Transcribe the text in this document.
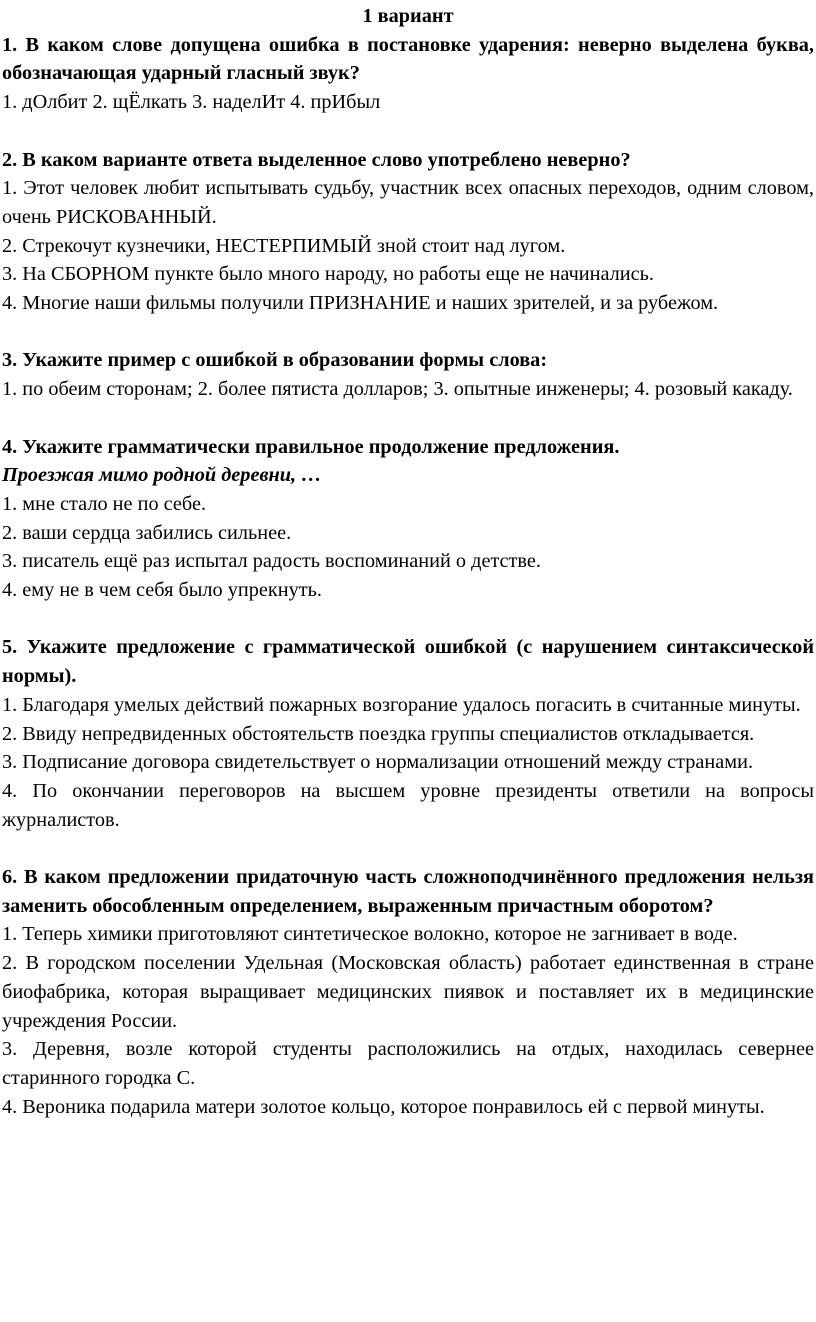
1 вариант
1. В каком слове допущена ошибка в постановке ударения: неверно выделена буква, обозначающая ударный гласный звук?
1. дОлбит 2. щЁлкать 3. наделИт 4. прИбыл
2. В каком варианте ответа выделенное слово употреблено неверно?
1. Этот человек любит испытывать судьбу, участник всех опасных переходов, одним словом, очень РИСКОВАННЫЙ.
2. Стрекочут кузнечики, НЕСТЕРПИМЫЙ зной стоит над лугом.
3. На СБОРНОМ пункте было много народу, но работы еще не начинались.
4. Многие наши фильмы получили ПРИЗНАНИЕ и наших зрителей, и за рубежом.
3. Укажите пример с ошибкой в образовании формы слова:
1. по обеим сторонам; 2. более пятиста долларов; 3. опытные инженеры; 4. розовый какаду.
4. Укажите грамматически правильное продолжение предложения.
Проезжая мимо родной деревни, …
1. мне стало не по себе.
2. ваши сердца забились сильнее.
3. писатель ещё раз испытал радость воспоминаний о детстве.
4. ему не в чем себя было упрекнуть.
5. Укажите предложение с грамматической ошибкой (с нарушением синтаксической нормы).
1. Благодаря умелых действий пожарных возгорание удалось погасить в считанные минуты.
2. Ввиду непредвиденных обстоятельств поездка группы специалистов откладывается.
3. Подписание договора свидетельствует о нормализации отношений между странами.
4. По окончании переговоров на высшем уровне президенты ответили на вопросы журналистов.
6. В каком предложении придаточную часть сложноподчинённого предложения нельзя заменить обособленным определением, выраженным причастным оборотом?
1. Теперь химики приготовляют синтетическое волокно, которое не загнивает в воде.
2. В городском поселении Удельная (Московская область) работает единственная в стране биофабрика, которая выращивает медицинских пиявок и поставляет их в медицинские учреждения России.
3. Деревня, возле которой студенты расположились на отдых, находилась севернее старинного городка С.
4. Вероника подарила матери золотое кольцо, которое понравилось ей с первой минуты.
